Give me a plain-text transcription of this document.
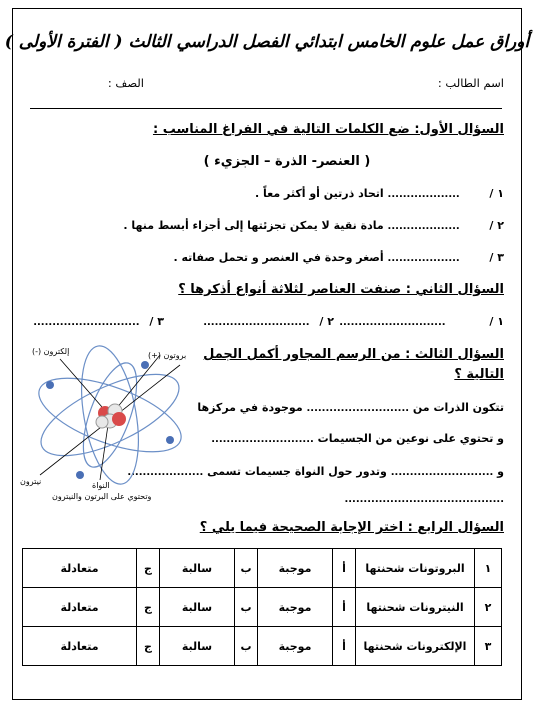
أوراق عمل علوم الخامس ابتدائي الفصل الدراسي الثالث ( الفترة الأولى )
اسم الطالب :
الصف :
السؤال الأول: ضع الكلمات التالية في الفراغ المناسب :
( العنصر- الذرة – الجزيء )
١ /  ................... اتحاد ذرتين أو أكثر معاً .
٢ /  ................... مادة نقية لا يمكن تجزئتها إلى أجزاء أبسط منها .
٣ /  ................... أصغر وحدة في العنصر و تحمل صفاته .
السؤال الثاني : صنفت العناصر لثلاثة أنواع أذكرها ؟
١ / ............................
٢ / ............................
٣ / ............................
السؤال الثالث : من الرسم المجاور أكمل الجمل
التالية ؟
تتكون الذرات من ........................... موجودة في مركزها
و تحتوي على نوعين من الجسيمات ...........................
و ........................... وتدور حول النواة جسيمات تسمى ....................
..........................................
إلكترون (-)	بروتون (+)
نيترون	النواة
وتحتوي على البرتون والنيترون
السؤال الرابع : اختر الإجابة الصحيحة فيما يلي ؟
١	البروتونات شحنتها	أ	موجبة	ب	سالبة	ج	متعادلة
٢	النيترونات شحنتها	أ	موجبة	ب	سالبة	ج	متعادلة
٣	الإلكترونات شحنتها	أ	موجبة	ب	سالبة	ج	متعادلة
